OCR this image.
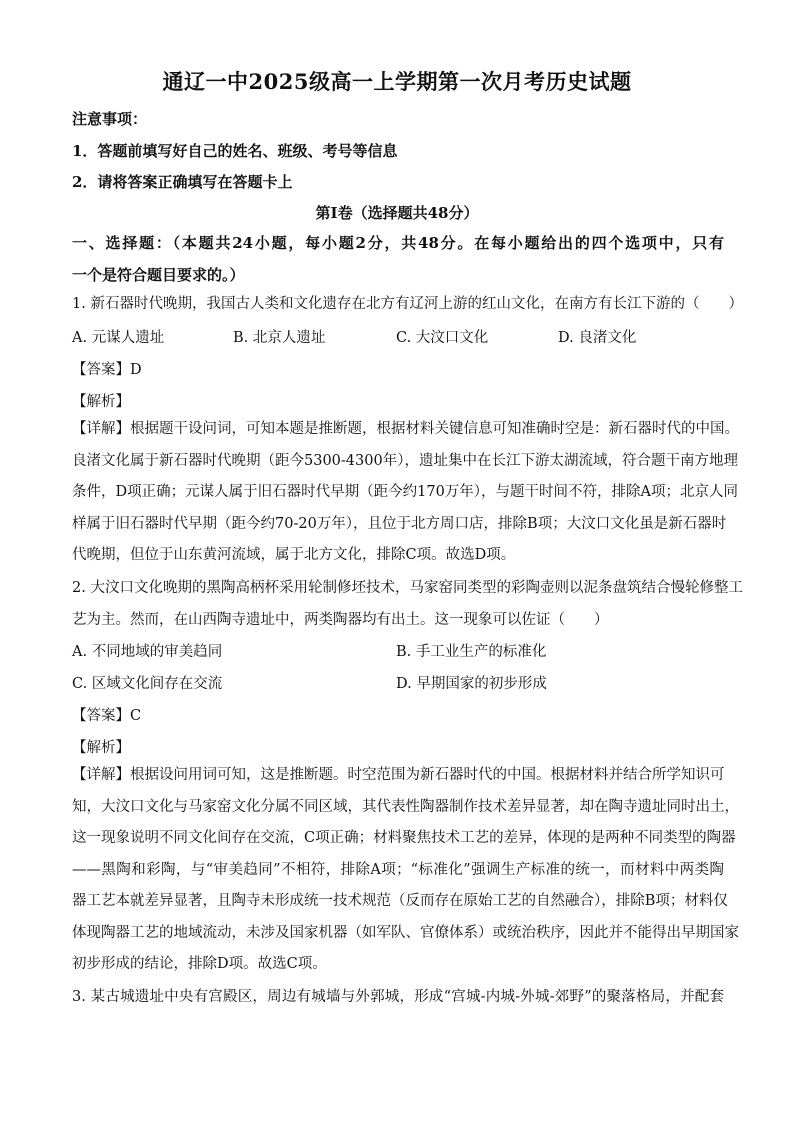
通辽一中2025级高一上学期第一次月考历史试题
注意事项：
1．答题前填写好自己的姓名、班级、考号等信息
2．请将答案正确填写在答题卡上
第Ⅰ卷（选择题共48分）
一、选择题：（本题共24小题，每小题2分，共48分。在每小题给出的四个选项中，只有
一个是符合题目要求的。）
1. 新石器时代晚期，我国古人类和文化遗存在北方有辽河上游的红山文化，在南方有长江下游的（　　）
A. 元谋人遗址	B. 北京人遗址	C. 大汶口文化	D. 良渚文化
【答案】D
【解析】
【详解】根据题干设问词，可知本题是推断题，根据材料关键信息可知准确时空是：新石器时代的中国。
良渚文化属于新石器时代晚期（距今5300-4300年），遗址集中在长江下游太湖流域，符合题干南方地理
条件，D项正确；元谋人属于旧石器时代早期（距今约170万年），与题干时间不符，排除A项；北京人同
样属于旧石器时代早期（距今约70-20万年），且位于北方周口店，排除B项；大汶口文化虽是新石器时
代晚期，但位于山东黄河流域，属于北方文化，排除C项。故选D项。
2. 大汶口文化晚期的黑陶高柄杯采用轮制修坯技术，马家窑同类型的彩陶壶则以泥条盘筑结合慢轮修整工
艺为主。然而，在山西陶寺遗址中，两类陶器均有出土。这一现象可以佐证（　　）
A. 不同地域的审美趋同	B. 手工业生产的标准化
C. 区域文化间存在交流	D. 早期国家的初步形成
【答案】C
【解析】
【详解】根据设问用词可知，这是推断题。时空范围为新石器时代的中国。根据材料并结合所学知识可
知，大汶口文化与马家窑文化分属不同区域，其代表性陶器制作技术差异显著，却在陶寺遗址同时出土，
这一现象说明不同文化间存在交流，C项正确；材料聚焦技术工艺的差异，体现的是两种不同类型的陶器
——黑陶和彩陶，与“审美趋同”不相符，排除A项；“标准化”强调生产标准的统一，而材料中两类陶
器工艺本就差异显著，且陶寺未形成统一技术规范（反而存在原始工艺的自然融合），排除B项；材料仅
体现陶器工艺的地域流动，未涉及国家机器（如军队、官僚体系）或统治秩序，因此并不能得出早期国家
初步形成的结论，排除D项。故选C项。
3. 某古城遗址中央有宫殿区，周边有城墙与外郭城，形成“宫城-内城-外城-郊野”的聚落格局，并配套
